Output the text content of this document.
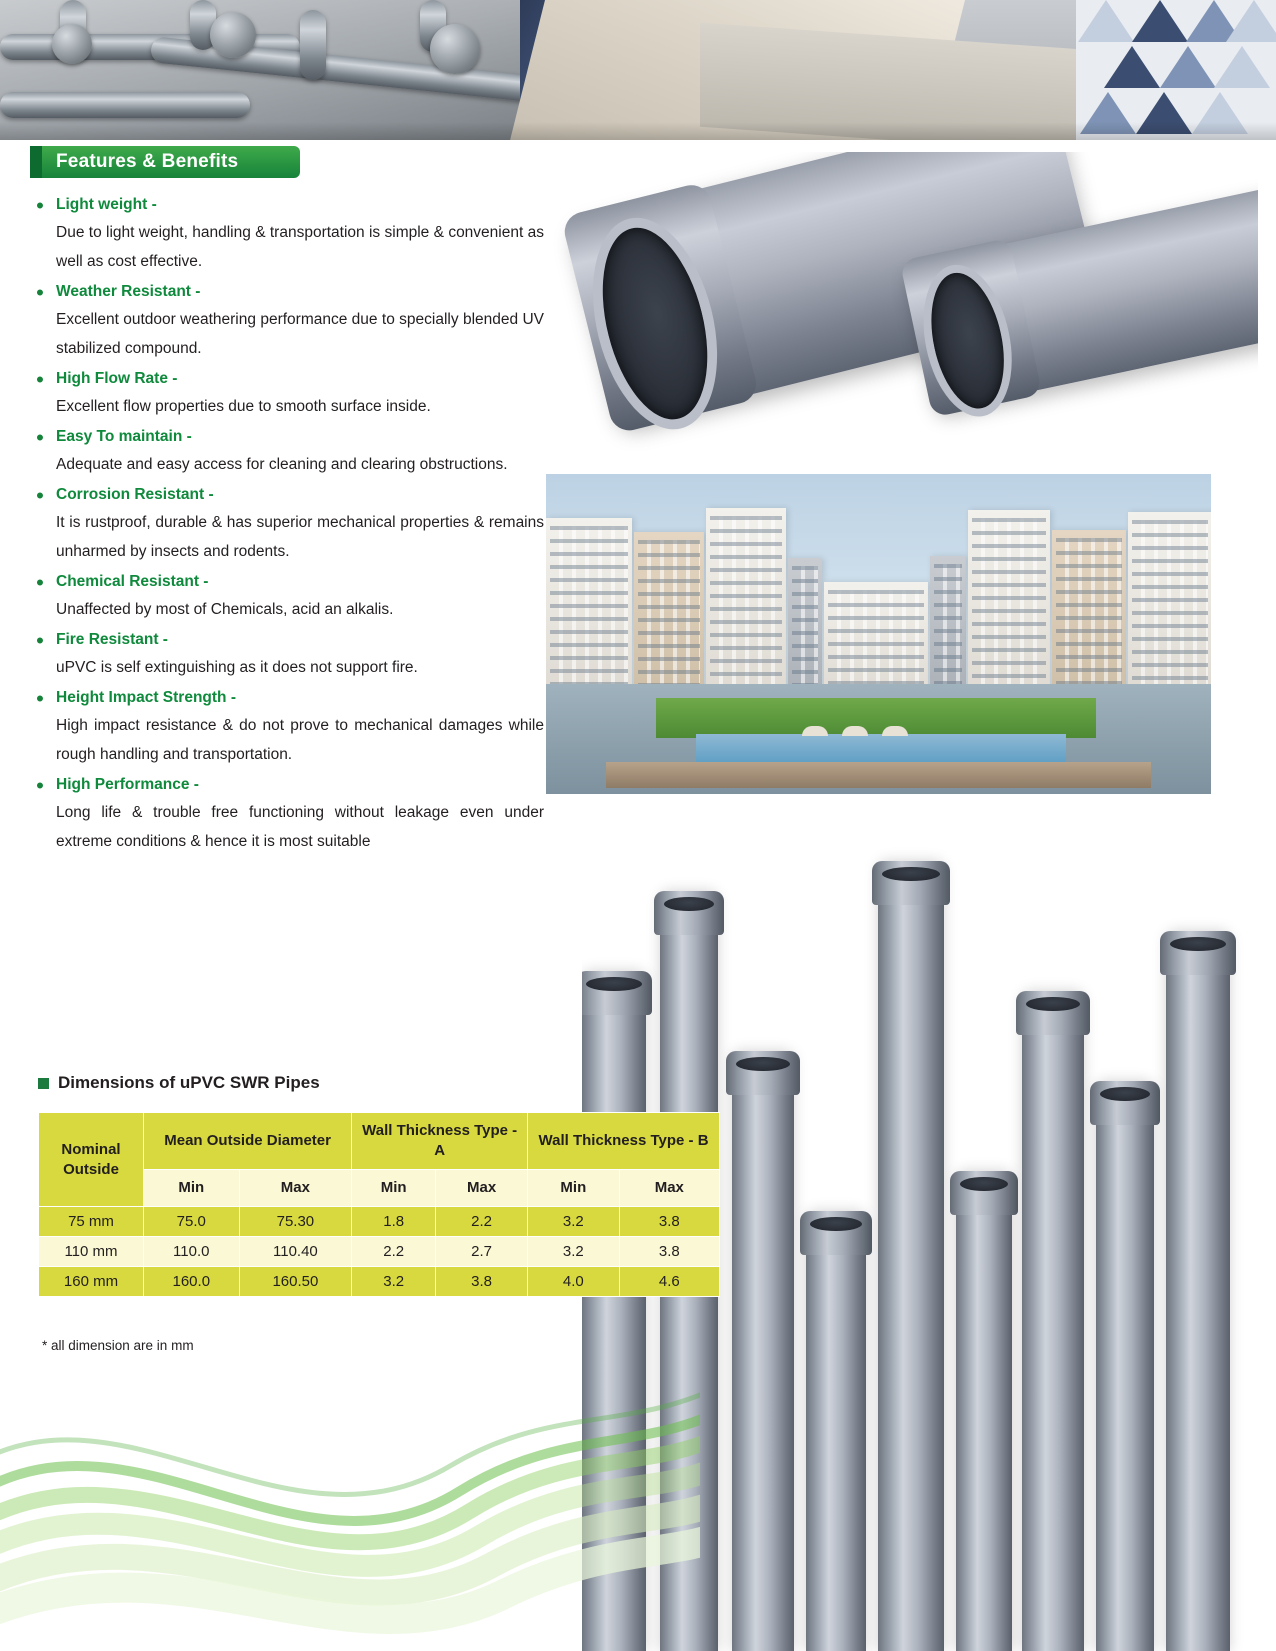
Features & Benefits
• Light weight -
Due to light weight, handling & transportation is simple & convenient as well as cost effective.
• Weather Resistant -
Excellent outdoor weathering performance due to specially blended UV stabilized compound.
• High Flow Rate -
Excellent flow properties due to smooth surface inside.
• Easy To maintain -
Adequate and easy access for cleaning and clearing obstructions.
• Corrosion Resistant -
It is rustproof, durable & has superior mechanical properties & remains unharmed by insects and rodents.
• Chemical Resistant -
Unaffected by most of Chemicals, acid an alkalis.
• Fire Resistant -
uPVC is self extinguishing as it does not support fire.
• Height Impact Strength -
High impact resistance & do not prove to mechanical damages while rough handling and transportation.
• High Performance -
Long life & trouble free functioning without leakage even under extreme conditions & hence it is most suitable
Dimensions of uPVC SWR Pipes
Nominal Outside	Mean Outside Diameter		Wall Thickness Type - A		Wall Thickness Type - B	
	Min	Max	Min	Max	Min	Max
75 mm	75.0	75.30	1.8	2.2	3.2	3.8
110 mm	110.0	110.40	2.2	2.7	3.2	3.8
160 mm	160.0	160.50	3.2	3.8	4.0	4.6
* all dimension are in mm
